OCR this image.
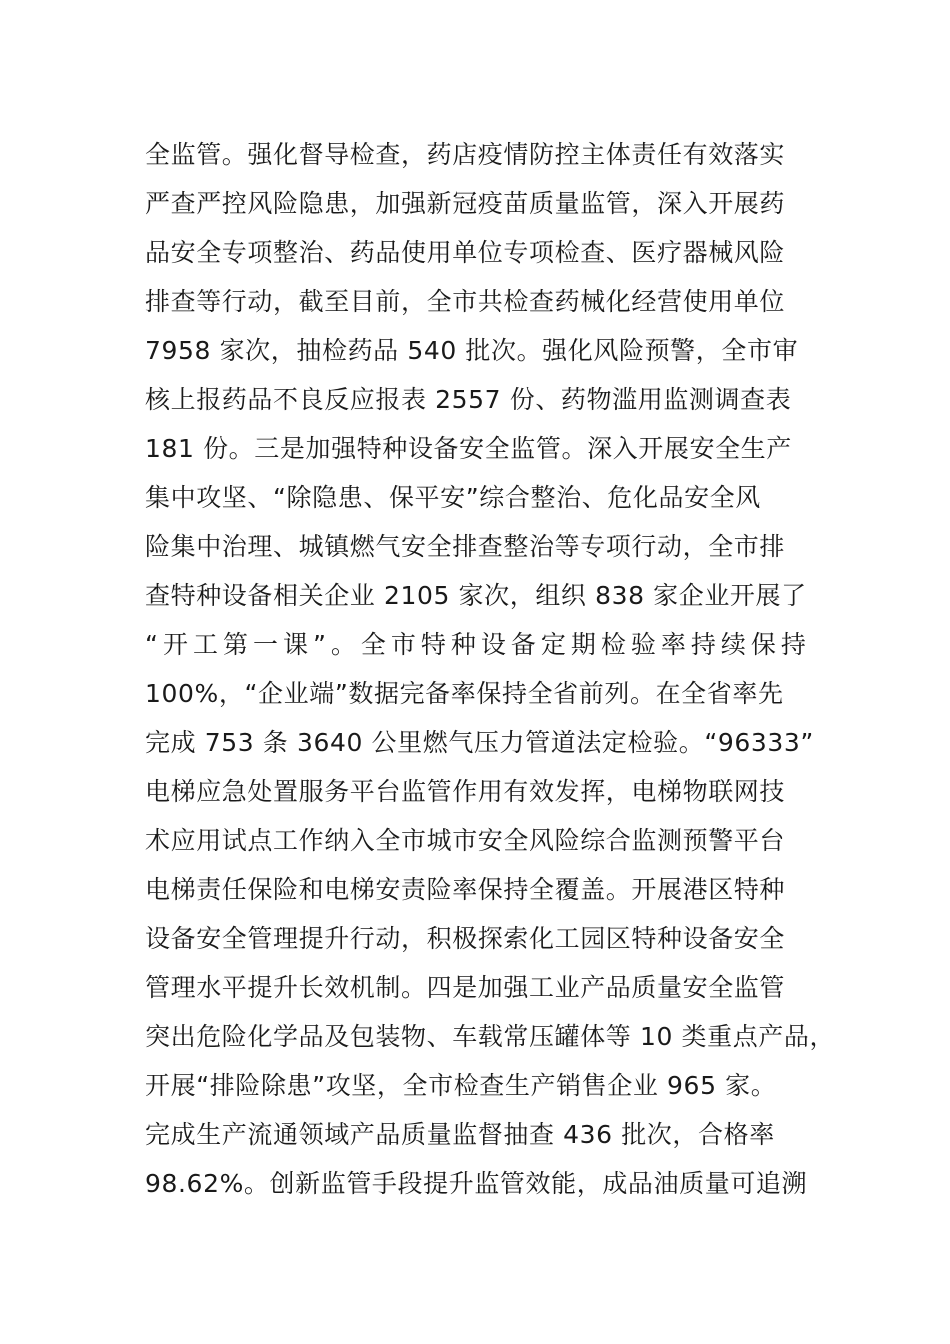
全监管。强化督导检查，药店疫情防控主体责任有效落实
严查严控风险隐患，加强新冠疫苗质量监管，深入开展药
品安全专项整治、药品使用单位专项检查、医疗器械风险
排查等行动，截至目前，全市共检查药械化经营使用单位
7958 家次，抽检药品 540 批次。强化风险预警，全市审
核上报药品不良反应报表 2557 份、药物滥用监测调查表
181 份。三是加强特种设备安全监管。深入开展安全生产
集中攻坚、“除隐患、保平安”综合整治、危化品安全风
险集中治理、城镇燃气安全排查整治等专项行动，全市排
查特种设备相关企业 2105 家次，组织 838 家企业开展了
“开工第一课”。全市特种设备定期检验率持续保持
100%，“企业端”数据完备率保持全省前列。在全省率先
完成 753 条 3640 公里燃气压力管道法定检验。“96333”
电梯应急处置服务平台监管作用有效发挥，电梯物联网技
术应用试点工作纳入全市城市安全风险综合监测预警平台
电梯责任保险和电梯安责险率保持全覆盖。开展港区特种
设备安全管理提升行动，积极探索化工园区特种设备安全
管理水平提升长效机制。四是加强工业产品质量安全监管
突出危险化学品及包装物、车载常压罐体等 10 类重点产品，
开展“排险除患”攻坚，全市检查生产销售企业 965 家。
完成生产流通领域产品质量监督抽查 436 批次，合格率
98.62%。创新监管手段提升监管效能，成品油质量可追溯
